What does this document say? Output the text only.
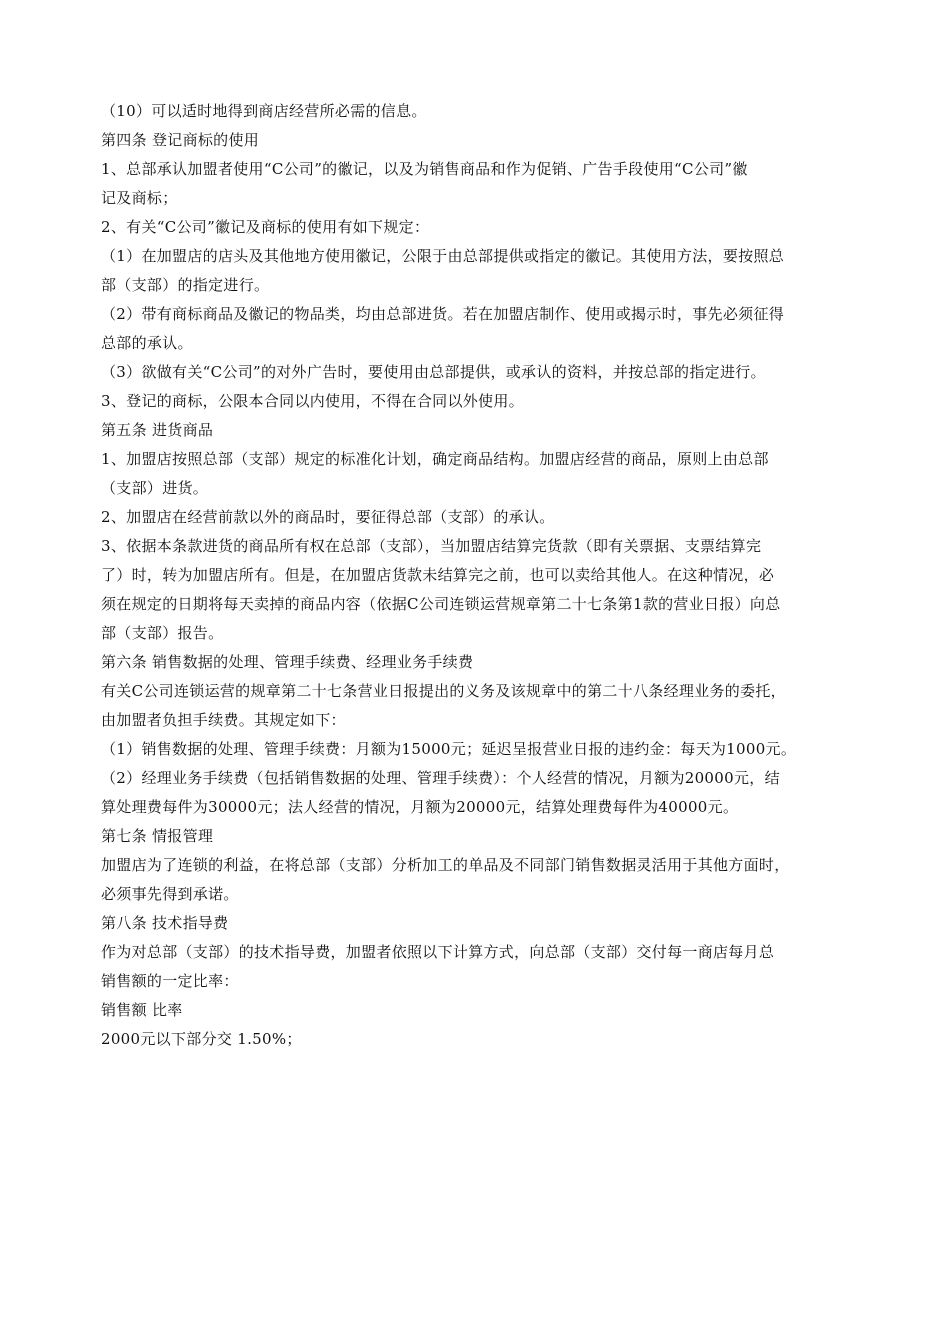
（10）可以适时地得到商店经营所必需的信息。
第四条 登记商标的使用
1、总部承认加盟者使用“C公司”的徽记，以及为销售商品和作为促销、广告手段使用“C公司”徽
记及商标；
2、有关“C公司”徽记及商标的使用有如下规定：
（1）在加盟店的店头及其他地方使用徽记，公限于由总部提供或指定的徽记。其使用方法，要按照总
部（支部）的指定进行。
（2）带有商标商品及徽记的物品类，均由总部进货。若在加盟店制作、使用或揭示时，事先必须征得
总部的承认。
（3）欲做有关“C公司”的对外广告时，要使用由总部提供，或承认的资料，并按总部的指定进行。
3、登记的商标，公限本合同以内使用，不得在合同以外使用。
第五条 进货商品
1、加盟店按照总部（支部）规定的标准化计划，确定商品结构。加盟店经营的商品，原则上由总部
（支部）进货。
2、加盟店在经营前款以外的商品时，要征得总部（支部）的承认。
3、依据本条款进货的商品所有权在总部（支部），当加盟店结算完货款（即有关票据、支票结算完
了）时，转为加盟店所有。但是，在加盟店货款未结算完之前，也可以卖给其他人。在这种情况，必
须在规定的日期将每天卖掉的商品内容（依据C公司连锁运营规章第二十七条第1款的营业日报）向总
部（支部）报告。
第六条 销售数据的处理、管理手续费、经理业务手续费
有关C公司连锁运营的规章第二十七条营业日报提出的义务及该规章中的第二十八条经理业务的委托，
由加盟者负担手续费。其规定如下：
（1）销售数据的处理、管理手续费：月额为15000元；延迟呈报营业日报的违约金：每天为1000元。
（2）经理业务手续费（包括销售数据的处理、管理手续费）：个人经营的情况，月额为20000元，结
算处理费每件为30000元；法人经营的情况，月额为20000元，结算处理费每件为40000元。
第七条 情报管理
加盟店为了连锁的利益，在将总部（支部）分析加工的单品及不同部门销售数据灵活用于其他方面时，
必须事先得到承诺。
第八条 技术指导费
作为对总部（支部）的技术指导费，加盟者依照以下计算方式，向总部（支部）交付每一商店每月总
销售额的一定比率：
销售额 比率
2000元以下部分交 1.50%；
